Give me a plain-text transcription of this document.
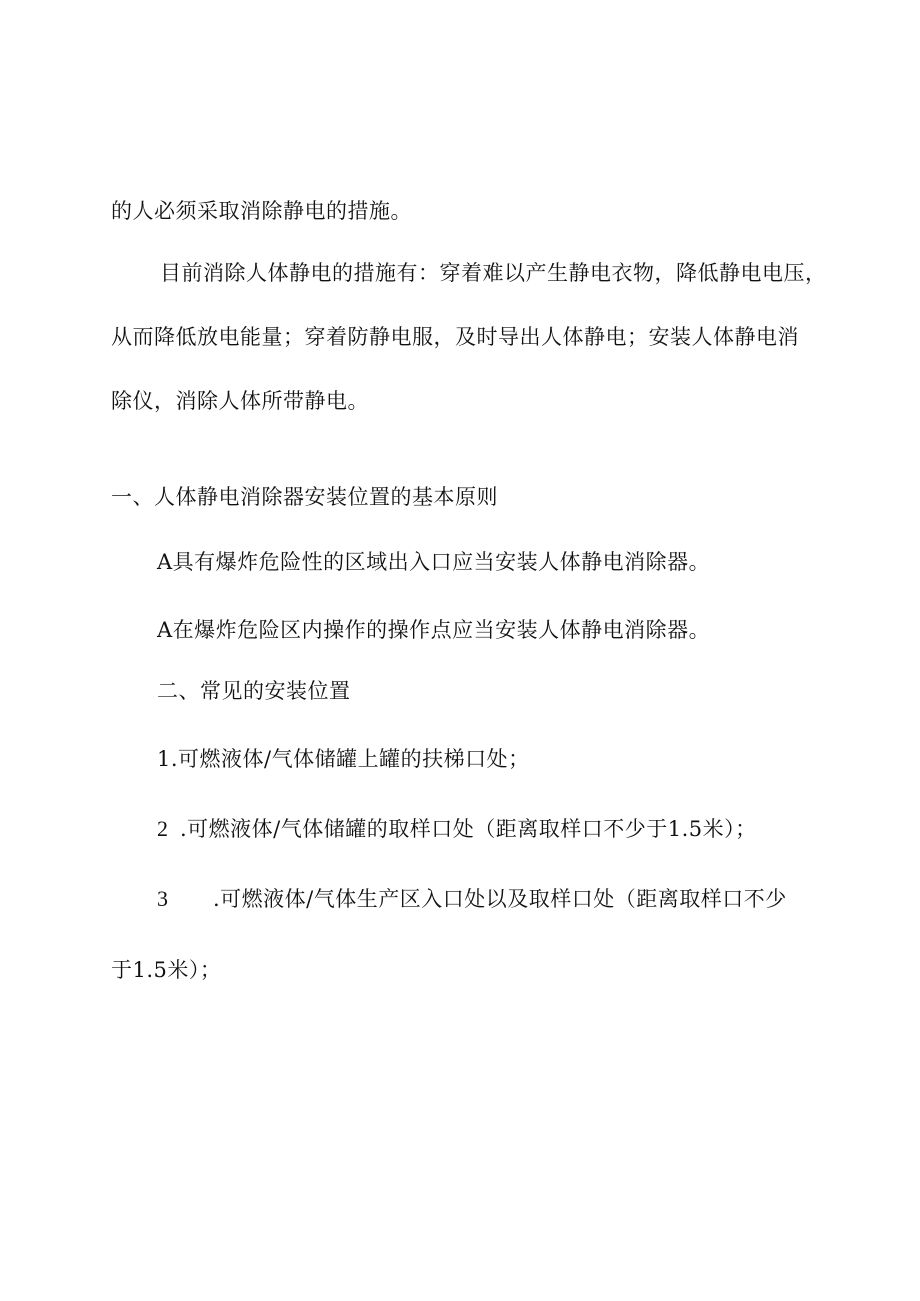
的人必须采取消除静电的措施。
目前消除人体静电的措施有：穿着难以产生静电衣物，降低静电电压，
从而降低放电能量；穿着防静电服，及时导出人体静电；安装人体静电消
除仪，消除人体所带静电。
一、人体静电消除器安装位置的基本原则
A具有爆炸危险性的区域出入口应当安装人体静电消除器。
A在爆炸危险区内操作的操作点应当安装人体静电消除器。
二、常见的安装位置
1.可燃液体/气体储罐上罐的扶梯口处；
2 .可燃液体/气体储罐的取样口处（距离取样口不少于1.5米）；
3 .可燃液体/气体生产区入口处以及取样口处（距离取样口不少
于1.5米）；
